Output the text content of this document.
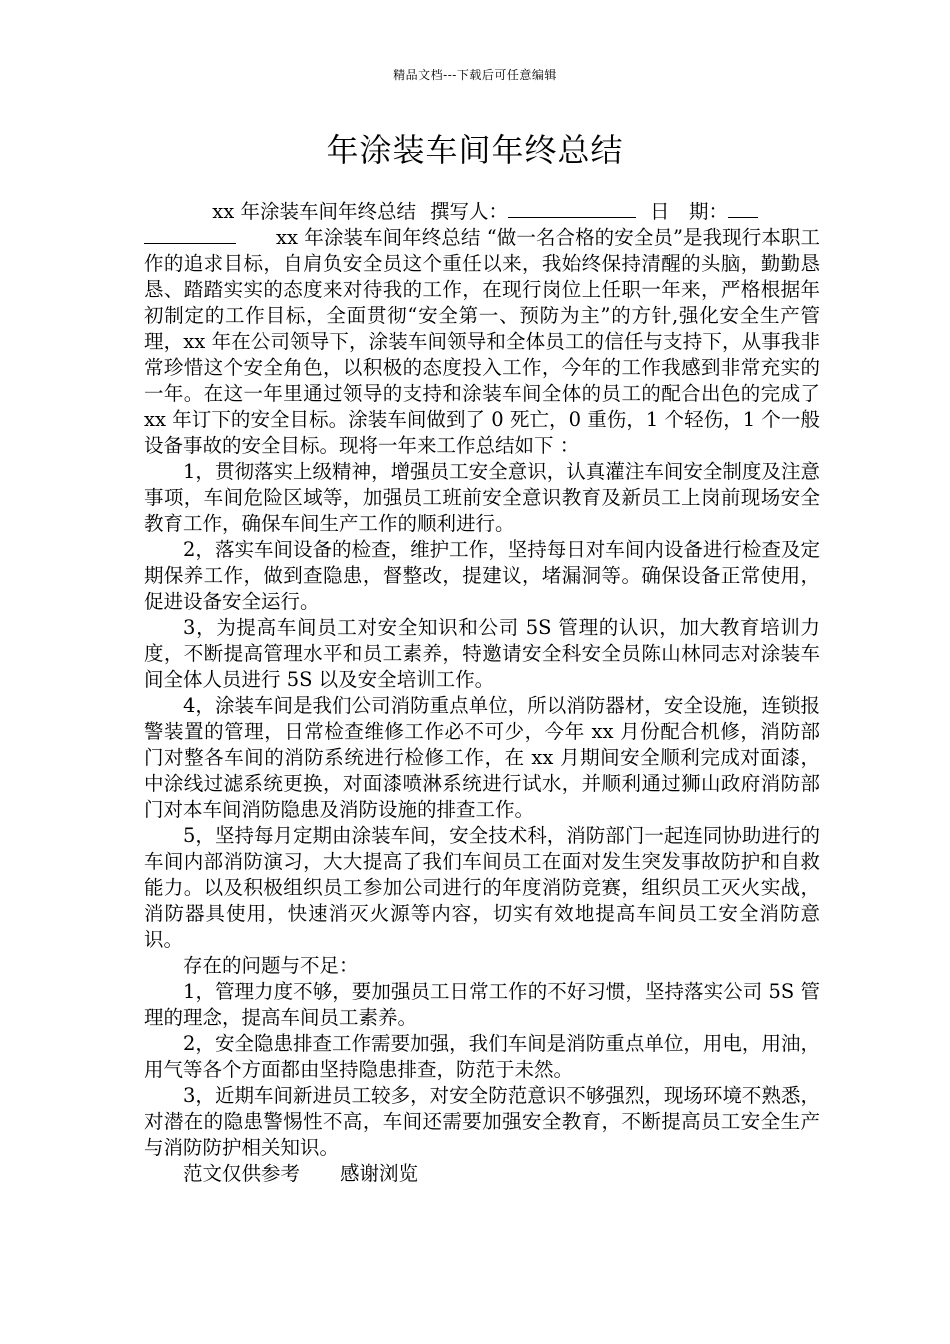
精品文档---下载后可任意编辑
年涂装车间年终总结

xx 年涂装车间年终总结 撰写人：	日　期：

xx 年涂装车间年终总结 “做一名合格的安全员”是我现行本职工作的追求目标，自肩负安全员这个重任以来，我始终保持清醒的头脑，勤勤恳恳、踏踏实实的态度来对待我的工作，在现行岗位上任职一年来，严格根据年初制定的工作目标，全面贯彻“安全第一、预防为主”的方针,强化安全生产管理，xx 年在公司领导下，涂装车间领导和全体员工的信任与支持下，从事我非常珍惜这个安全角色，以积极的态度投入工作，今年的工作我感到非常充实的一年。在这一年里通过领导的支持和涂装车间全体的员工的配合出色的完成了 xx 年订下的安全目标。涂装车间做到了 0 死亡，0 重伤，1 个轻伤，1 个一般设备事故的安全目标。现将一年来工作总结如下 ：

1，贯彻落实上级精神，增强员工安全意识，认真灌注车间安全制度及注意事项，车间危险区域等，加强员工班前安全意识教育及新员工上岗前现场安全教育工作，确保车间生产工作的顺利进行。

2，落实车间设备的检查，维护工作，坚持每日对车间内设备进行检查及定期保养工作，做到查隐患，督整改，提建议，堵漏洞等。确保设备正常使用，促进设备安全运行。

3，为提高车间员工对安全知识和公司 5S 管理的认识，加大教育培训力度，不断提高管理水平和员工素养，特邀请安全科安全员陈山林同志对涂装车间全体人员进行 5S 以及安全培训工作。

4，涂装车间是我们公司消防重点单位，所以消防器材，安全设施，连锁报警装置的管理，日常检查维修工作必不可少，今年 xx 月份配合机修，消防部门对整各车间的消防系统进行检修工作，在 xx 月期间安全顺利完成对面漆，中涂线过滤系统更换，对面漆喷淋系统进行试水，并顺利通过狮山政府消防部门对本车间消防隐患及消防设施的排查工作。

5，坚持每月定期由涂装车间，安全技术科，消防部门一起连同协助进行的车间内部消防演习，大大提高了我们车间员工在面对发生突发事故防护和自救能力。以及积极组织员工参加公司进行的年度消防竞赛，组织员工灭火实战，消防器具使用，快速消灭火源等内容，切实有效地提高车间员工安全消防意识。

存在的问题与不足：

1，管理力度不够，要加强员工日常工作的不好习惯，坚持落实公司 5S 管理的理念，提高车间员工素养。

2，安全隐患排查工作需要加强，我们车间是消防重点单位，用电，用油，用气等各个方面都由坚持隐患排查，防范于未然。

3，近期车间新进员工较多，对安全防范意识不够强烈，现场环境不熟悉，对潜在的隐患警惕性不高，车间还需要加强安全教育，不断提高员工安全生产与消防防护相关知识。

范文仅供参考 感谢浏览
